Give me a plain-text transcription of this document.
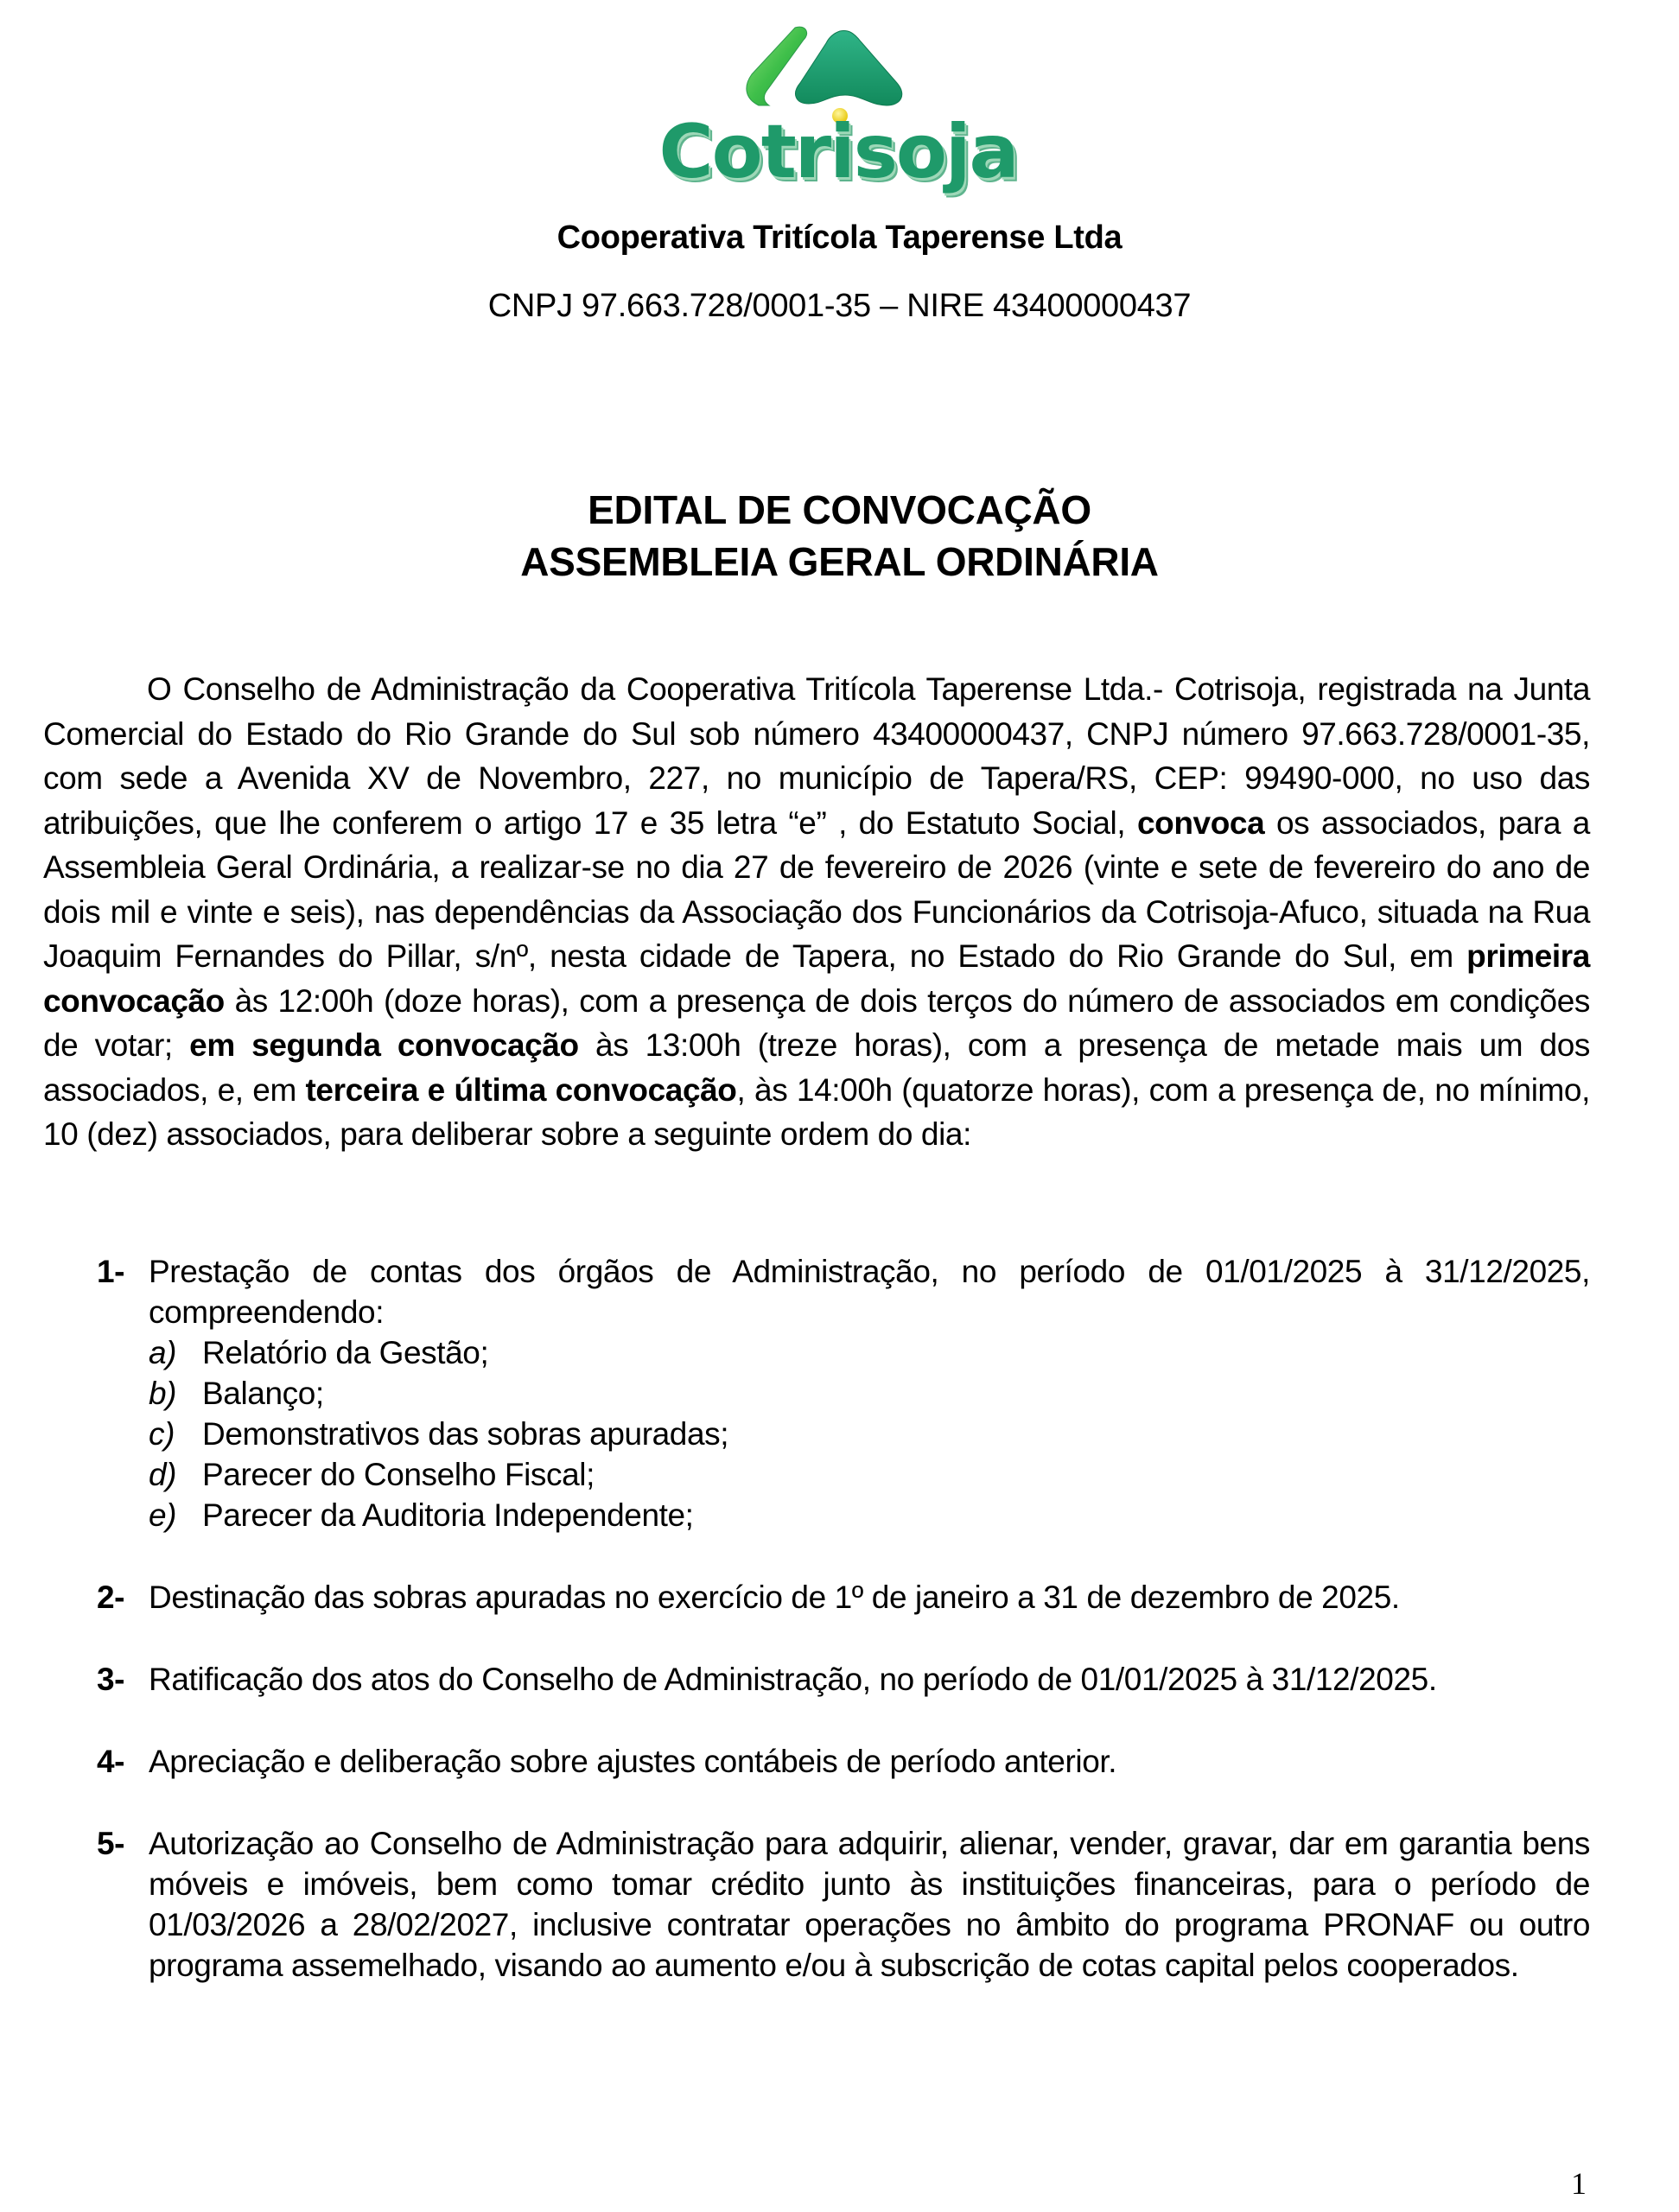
Cotrisoja
Cooperativa Tritícola Taperense Ltda
CNPJ 97.663.728/0001-35 – NIRE 43400000437
EDITAL DE CONVOCAÇÃO
ASSEMBLEIA GERAL ORDINÁRIA

O Conselho de Administração da Cooperativa Tritícola Taperense Ltda.- Cotrisoja, registrada na Junta Comercial do Estado do Rio Grande do Sul sob número 43400000437, CNPJ número 97.663.728/0001-35, com sede a Avenida XV de Novembro, 227, no município de Tapera/RS, CEP: 99490-000, no uso das atribuições, que lhe conferem o artigo 17 e 35 letra “e” , do Estatuto Social, convoca os associados, para a Assembleia Geral Ordinária, a realizar-se no dia 27 de fevereiro de 2026 (vinte e sete de fevereiro do ano de dois mil e vinte e seis), nas dependências da Associação dos Funcionários da Cotrisoja-Afuco, situada na Rua Joaquim Fernandes do Pillar, s/nº, nesta cidade de Tapera, no Estado do Rio Grande do Sul, em primeira convocação às 12:00h (doze horas), com a presença de dois terços do número de associados em condições de votar; em segunda convocação às 13:00h (treze horas), com a presença de metade mais um dos associados, e, em terceira e última convocação, às 14:00h (quatorze horas), com a presença de, no mínimo, 10 (dez) associados, para deliberar sobre a seguinte ordem do dia:

1- Prestação de contas dos órgãos de Administração, no período de 01/01/2025 à 31/12/2025, compreendendo:
a) Relatório da Gestão;
b) Balanço;
c) Demonstrativos das sobras apuradas;
d) Parecer do Conselho Fiscal;
e) Parecer da Auditoria Independente;
2- Destinação das sobras apuradas no exercício de 1º de janeiro a 31 de dezembro de 2025.
3- Ratificação dos atos do Conselho de Administração, no período de 01/01/2025 à 31/12/2025.
4- Apreciação e deliberação sobre ajustes contábeis de período anterior.
5- Autorização ao Conselho de Administração para adquirir, alienar, vender, gravar, dar em garantia bens móveis e imóveis, bem como tomar crédito junto às instituições financeiras, para o período de 01/03/2026 a 28/02/2027, inclusive contratar operações no âmbito do programa PRONAF ou outro programa assemelhado, visando ao aumento e/ou à subscrição de cotas capital pelos cooperados.
1
